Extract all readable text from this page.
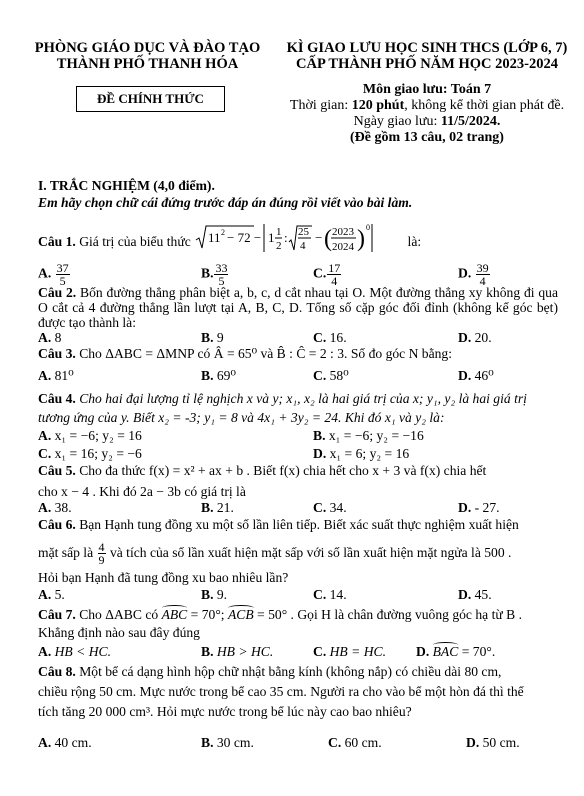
PHÒNG GIÁO DỤC VÀ ĐÀO TẠO
THÀNH PHỐ THANH HÓA
KÌ GIAO LƯU HỌC SINH THCS (LỚP 6, 7)
CẤP THÀNH PHỐ NĂM HỌC 2023-2024
ĐỀ CHÍNH THỨC
Môn giao lưu: Toán 7
Thời gian: 120 phút, không kể thời gian phát đề.
Ngày giao lưu: 11/5/2024.
(Đề gồm 13 câu, 02 trang)
I. TRẮC NGHIỆM (4,0 điểm).
Em hãy chọn chữ cái đứng trước đáp án đúng rồi viết vào bài làm.
Câu 1. Giá trị của biểu thức 11 2 − 72 − 1 1
2
: 25
4
− ( 2023
2024 ) 0
là:
A. $\frac{37}{5}$	B. $\frac{33}{5}$	C. $\frac{17}{4}$	D. $\frac{39}{4}$
Câu 2. Bốn đường thẳng phân biệt a, b, c, d cắt nhau tại O. Một đường thẳng xy không đi qua O cắt cả 4 đường thẳng lần lượt tại A, B, C, D. Tổng số cặp góc đối đỉnh (không kể góc bẹt) được tạo thành là:
A. 8	B. 9	C. 16.	D. 20.
Câu 3. Cho ΔABC = ΔMNP có Â = 65⁰ và B̂ : Ĉ = 2 : 3. Số đo góc N bằng:
A. 81⁰	B. 69⁰	C. 58⁰	D. 46⁰
Câu 4. Cho hai đại lượng tỉ lệ nghịch x và y; x₁, x₂ là hai giá trị của x; y₁, y₂ là hai giá trị
tương ứng của y. Biết x₂ = -3; y₁ = 8 và 4x₁ + 3y₂ = 24. Khi đó x₁ và y₂ là:
A. x₁ = −6; y₂ = 16	B. x₁ = −6; y₂ = −16
C. x₁ = 16; y₂ = −6	D. x₁ = 6; y₂ = 16
Câu 5. Cho đa thức f(x) = x² + ax + b . Biết f(x) chia hết cho x + 3 và f(x) chia hết
cho x − 4 . Khi đó 2a − 3b có giá trị là
A. 38.	B. 21.	C. 34.	D. - 27.
Câu 6. Bạn Hạnh tung đồng xu một số lần liên tiếp. Biết xác suất thực nghiệm xuất hiện
mặt sấp là $\frac{4}{9}$ và tích của số lần xuất hiện mặt sấp với số lần xuất hiện mặt ngửa là 500 .
Hỏi bạn Hạnh đã tung đồng xu bao nhiêu lần?
A. 5.	B. 9.	C. 14.	D. 45.
Câu 7. Cho ΔABC có ABC = 70°; ACB = 50° . Gọi H là chân đường vuông góc hạ từ B .
Khẳng định nào sau đây đúng
A. HB < HC.	B. HB > HC.	C. HB = HC. D. BAC = 70°.
Câu 8. Một bể cá dạng hình hộp chữ nhật bằng kính (không nắp) có chiều dài 80 cm,
chiều rộng 50 cm. Mực nước trong bể cao 35 cm. Người ra cho vào bể một hòn đá thì thể
tích tăng 20 000 cm³. Hỏi mực nước trong bể lúc này cao bao nhiêu?
A. 40 cm.	B. 30 cm.	C. 60 cm.	D. 50 cm.
